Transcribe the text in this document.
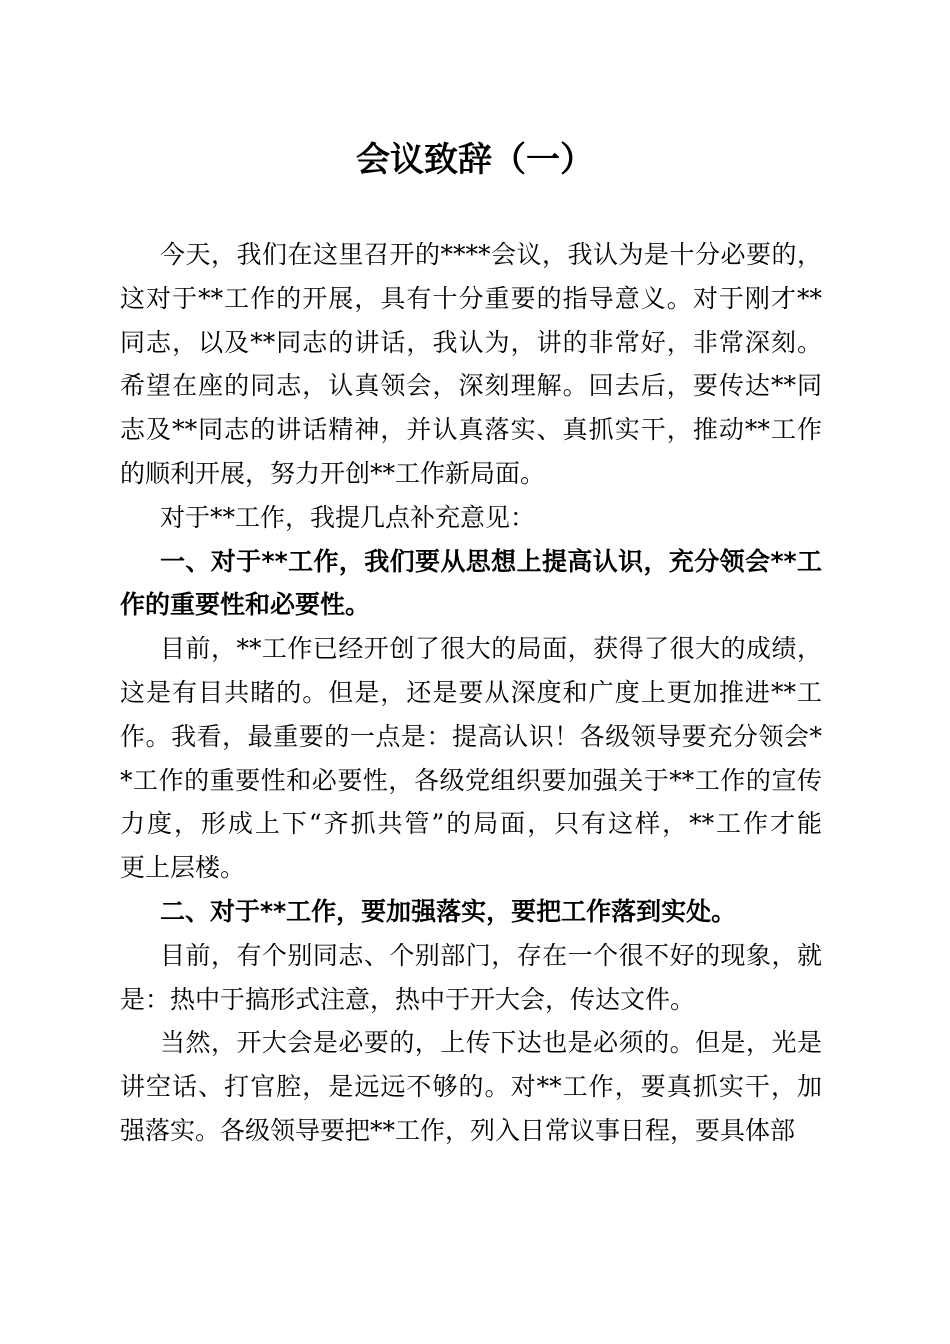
会议致辞（一）
今天，我们在这里召开的****会议，我认为是十分必要的，
这对于**工作的开展，具有十分重要的指导意义。对于刚才**
同志，以及**同志的讲话，我认为，讲的非常好，非常深刻。
希望在座的同志，认真领会，深刻理解。回去后，要传达**同
志及**同志的讲话精神，并认真落实、真抓实干，推动**工作
的顺利开展，努力开创**工作新局面。
对于**工作，我提几点补充意见：
一、对于**工作，我们要从思想上提高认识，充分领会**工
作的重要性和必要性。
目前，**工作已经开创了很大的局面，获得了很大的成绩，
这是有目共睹的。但是，还是要从深度和广度上更加推进**工
作。我看，最重要的一点是：提高认识！各级领导要充分领会*
*工作的重要性和必要性，各级党组织要加强关于**工作的宣传
力度，形成上下“齐抓共管”的局面，只有这样，**工作才能
更上层楼。
二、对于**工作，要加强落实，要把工作落到实处。
目前，有个别同志、个别部门，存在一个很不好的现象，就
是：热中于搞形式注意，热中于开大会，传达文件。
当然，开大会是必要的，上传下达也是必须的。但是，光是
讲空话、打官腔，是远远不够的。对**工作，要真抓实干，加
强落实。各级领导要把**工作，列入日常议事日程，要具体部
